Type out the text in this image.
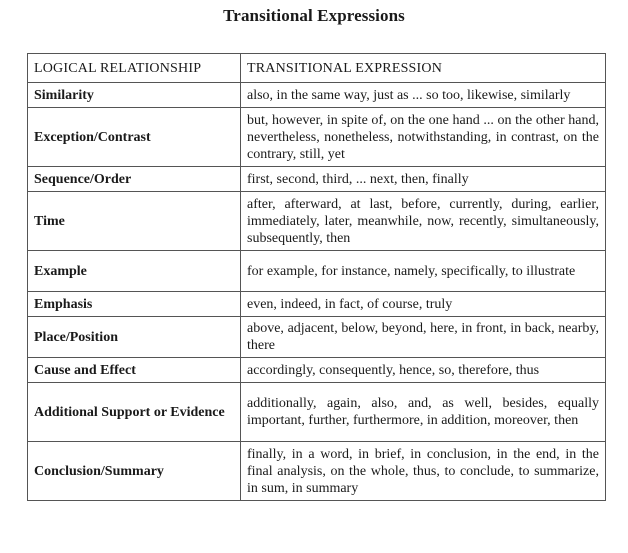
Transitional Expressions
LOGICAL RELATIONSHIP	TRANSITIONAL EXPRESSION
Similarity	also, in the same way, just as ... so too, likewise, similarly
Exception/Contrast	but, however, in spite of, on the one hand ... on the other hand, nevertheless, nonetheless, notwithstanding, in contrast, on the contrary, still, yet
Sequence/Order	first, second, third, ... next, then, finally
Time	after, afterward, at last, before, currently, during, earlier, immediately, later, meanwhile, now, recently, simultaneously, subsequently, then
Example	for example, for instance, namely, specifically, to illustrate
Emphasis	even, indeed, in fact, of course, truly
Place/Position	above, adjacent, below, beyond, here, in front, in back, nearby, there
Cause and Effect	accordingly, consequently, hence, so, therefore, thus
Additional Support or Evidence	additionally, again, also, and, as well, besides, equally important, further, furthermore, in addition, moreover, then
Conclusion/Summary	finally, in a word, in brief, in conclusion, in the end, in the final analysis, on the whole, thus, to conclude, to summarize, in sum, in summary
